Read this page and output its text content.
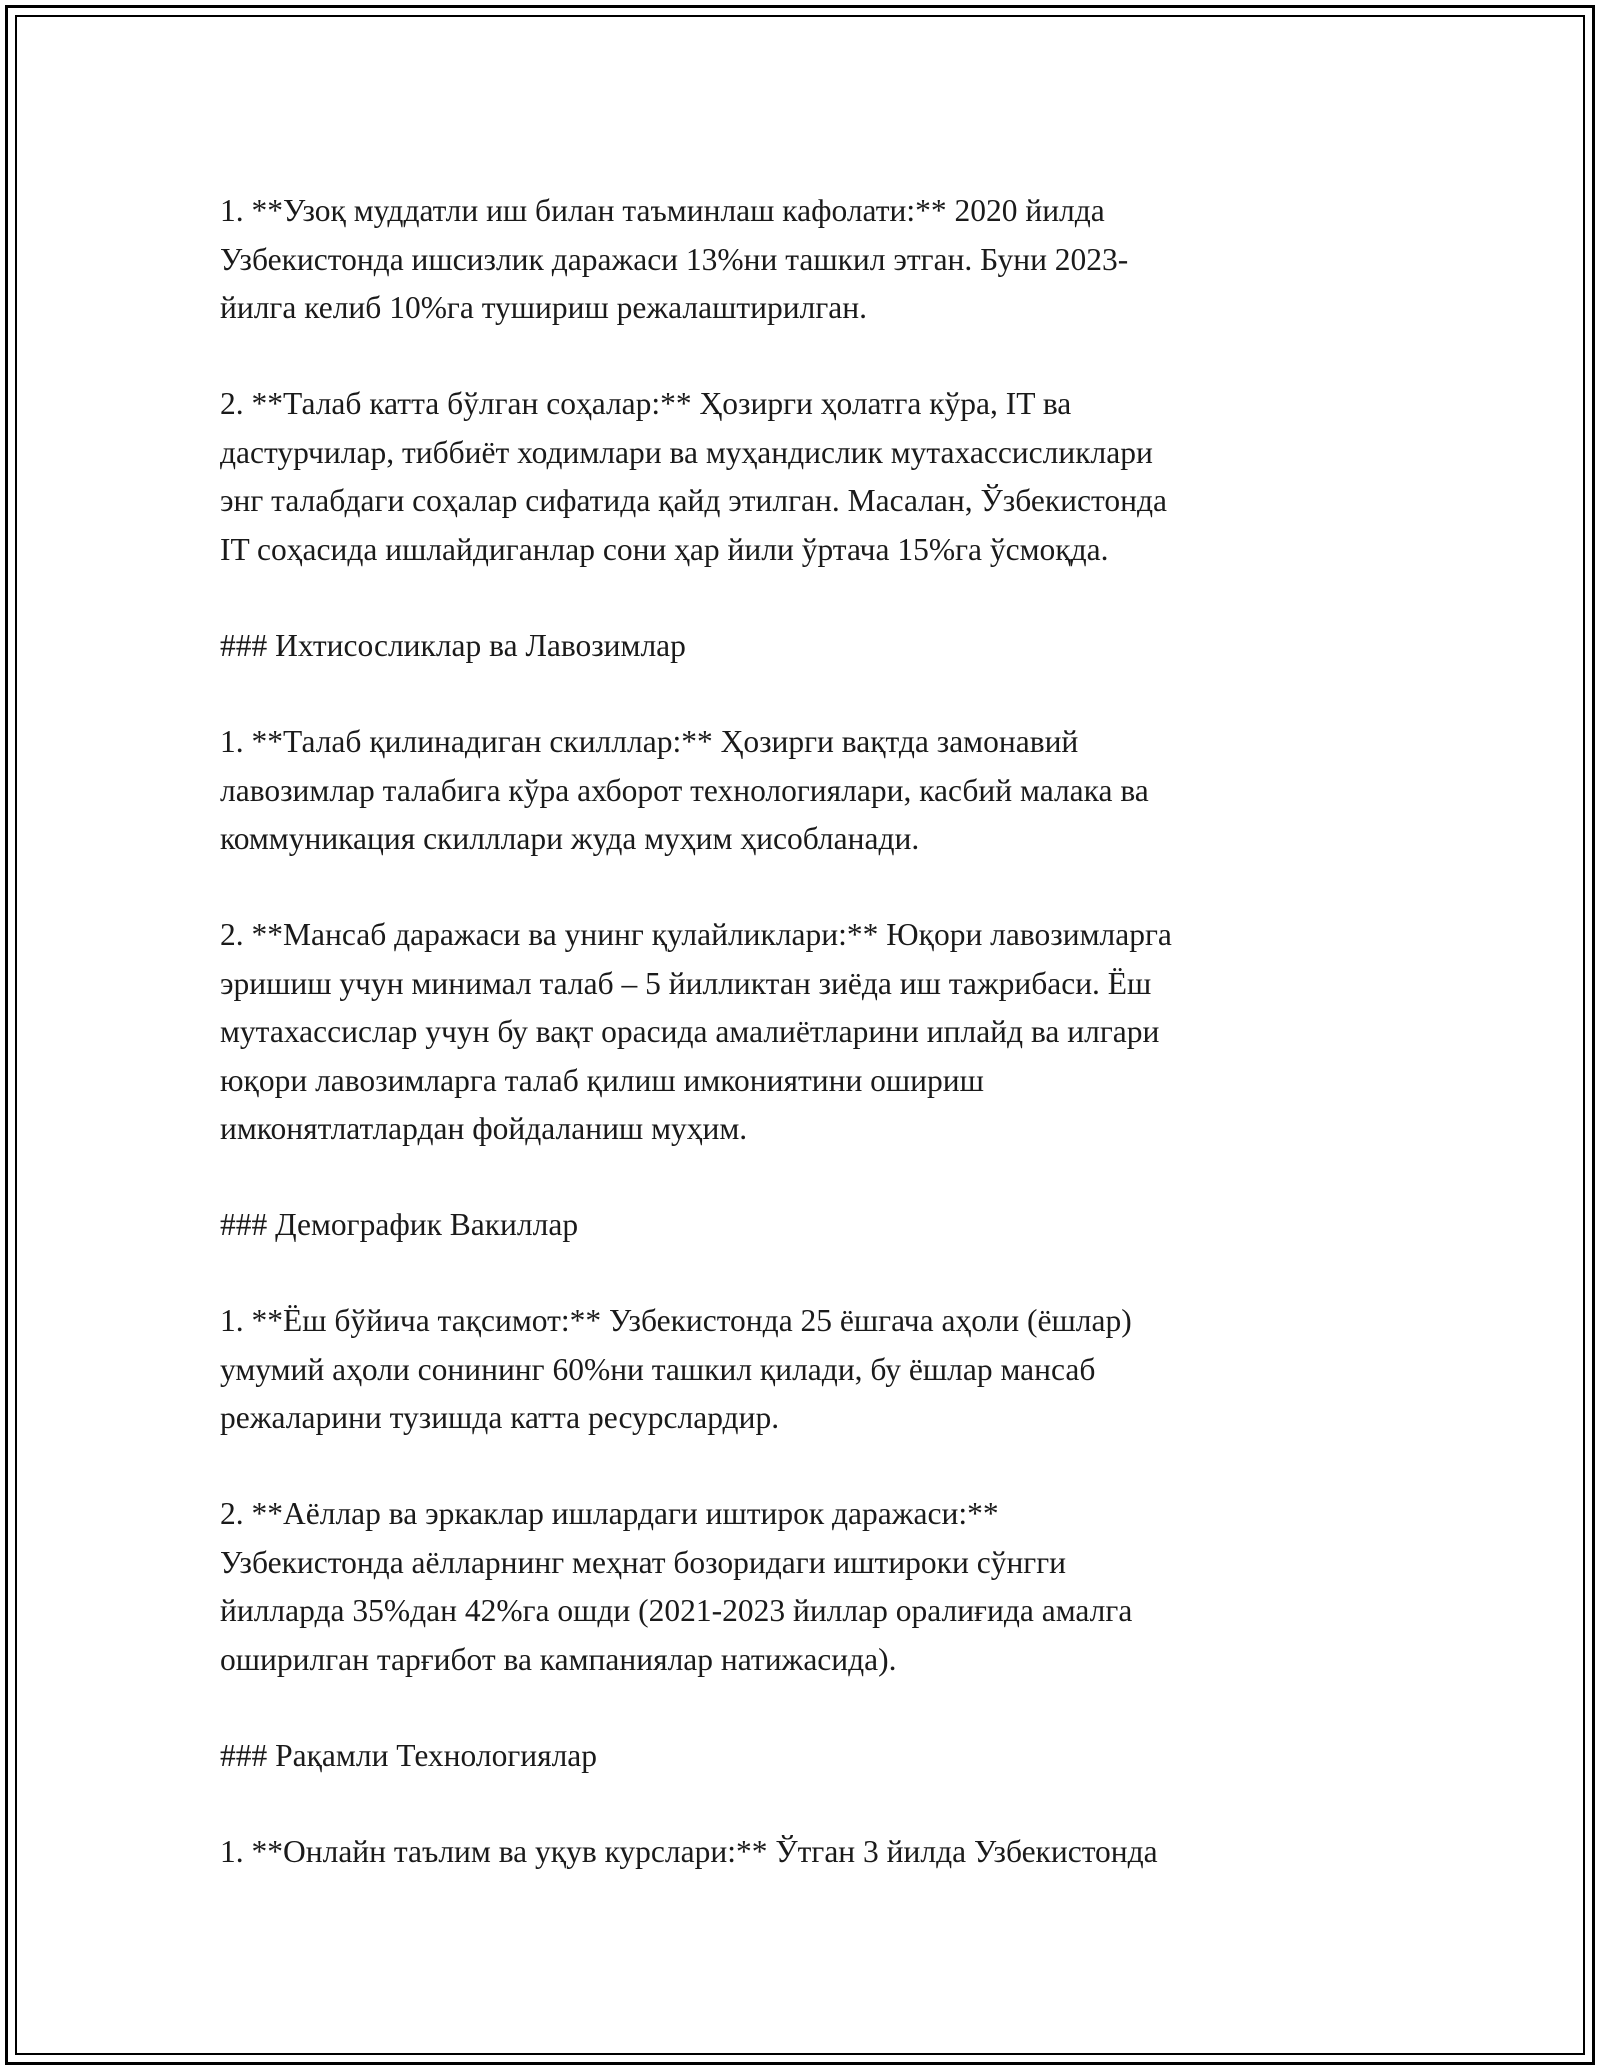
1. **Узоқ муддатли иш билан таъминлаш кафолати:** 2020 йилда
Узбекистонда ишсизлик даражаси 13%ни ташкил этган. Буни 2023-
йилга келиб 10%га тушириш режалаштирилган.

2. **Талаб катта бўлган соҳалар:** Ҳозирги ҳолатга кўра, IT ва
дастурчилар, тиббиёт ходимлари ва муҳандислик мутахассисликлари
энг талабдаги соҳалар сифатида қайд этилган. Масалан, Ўзбекистонда
IT соҳасида ишлайдиганлар сони ҳар йили ўртача 15%га ўсмоқда.

### Ихтисосликлар ва Лавозимлар

1. **Талаб қилинадиган скилллар:** Ҳозирги вақтда замонавий
лавозимлар талабига кўра ахборот технологиялари, касбий малака ва
коммуникация скилллари жуда муҳим ҳисобланади.

2. **Мансаб даражаси ва унинг қулайликлари:** Юқори лавозимларга
эришиш учун минимал талаб – 5 йилликтан зиёда иш тажрибаси. Ёш
мутахассислар учун бу вақт орасида амалиётларини иплайд ва илгари
юқори лавозимларга талаб қилиш имкониятини ошириш
имконятлатлардан фойдаланиш муҳим.

### Демографик Вакиллар

1. **Ёш бўйича тақсимот:** Узбекистонда 25 ёшгача аҳоли (ёшлар)
умумий аҳоли сонининг 60%ни ташкил қилади, бу ёшлар мансаб
режаларини тузишда катта ресурслардир.

2. **Аёллар ва эркаклар ишлардаги иштирок даражаси:**
Узбекистонда аёлларнинг меҳнат бозоридаги иштироки сўнгги
йилларда 35%дан 42%га ошди (2021-2023 йиллар оралиғида амалга
оширилган тарғибот ва кампаниялар натижасида).

### Рақамли Технологиялар

1. **Онлайн таълим ва уқув курслари:** Ўтган 3 йилда Узбекистонда
